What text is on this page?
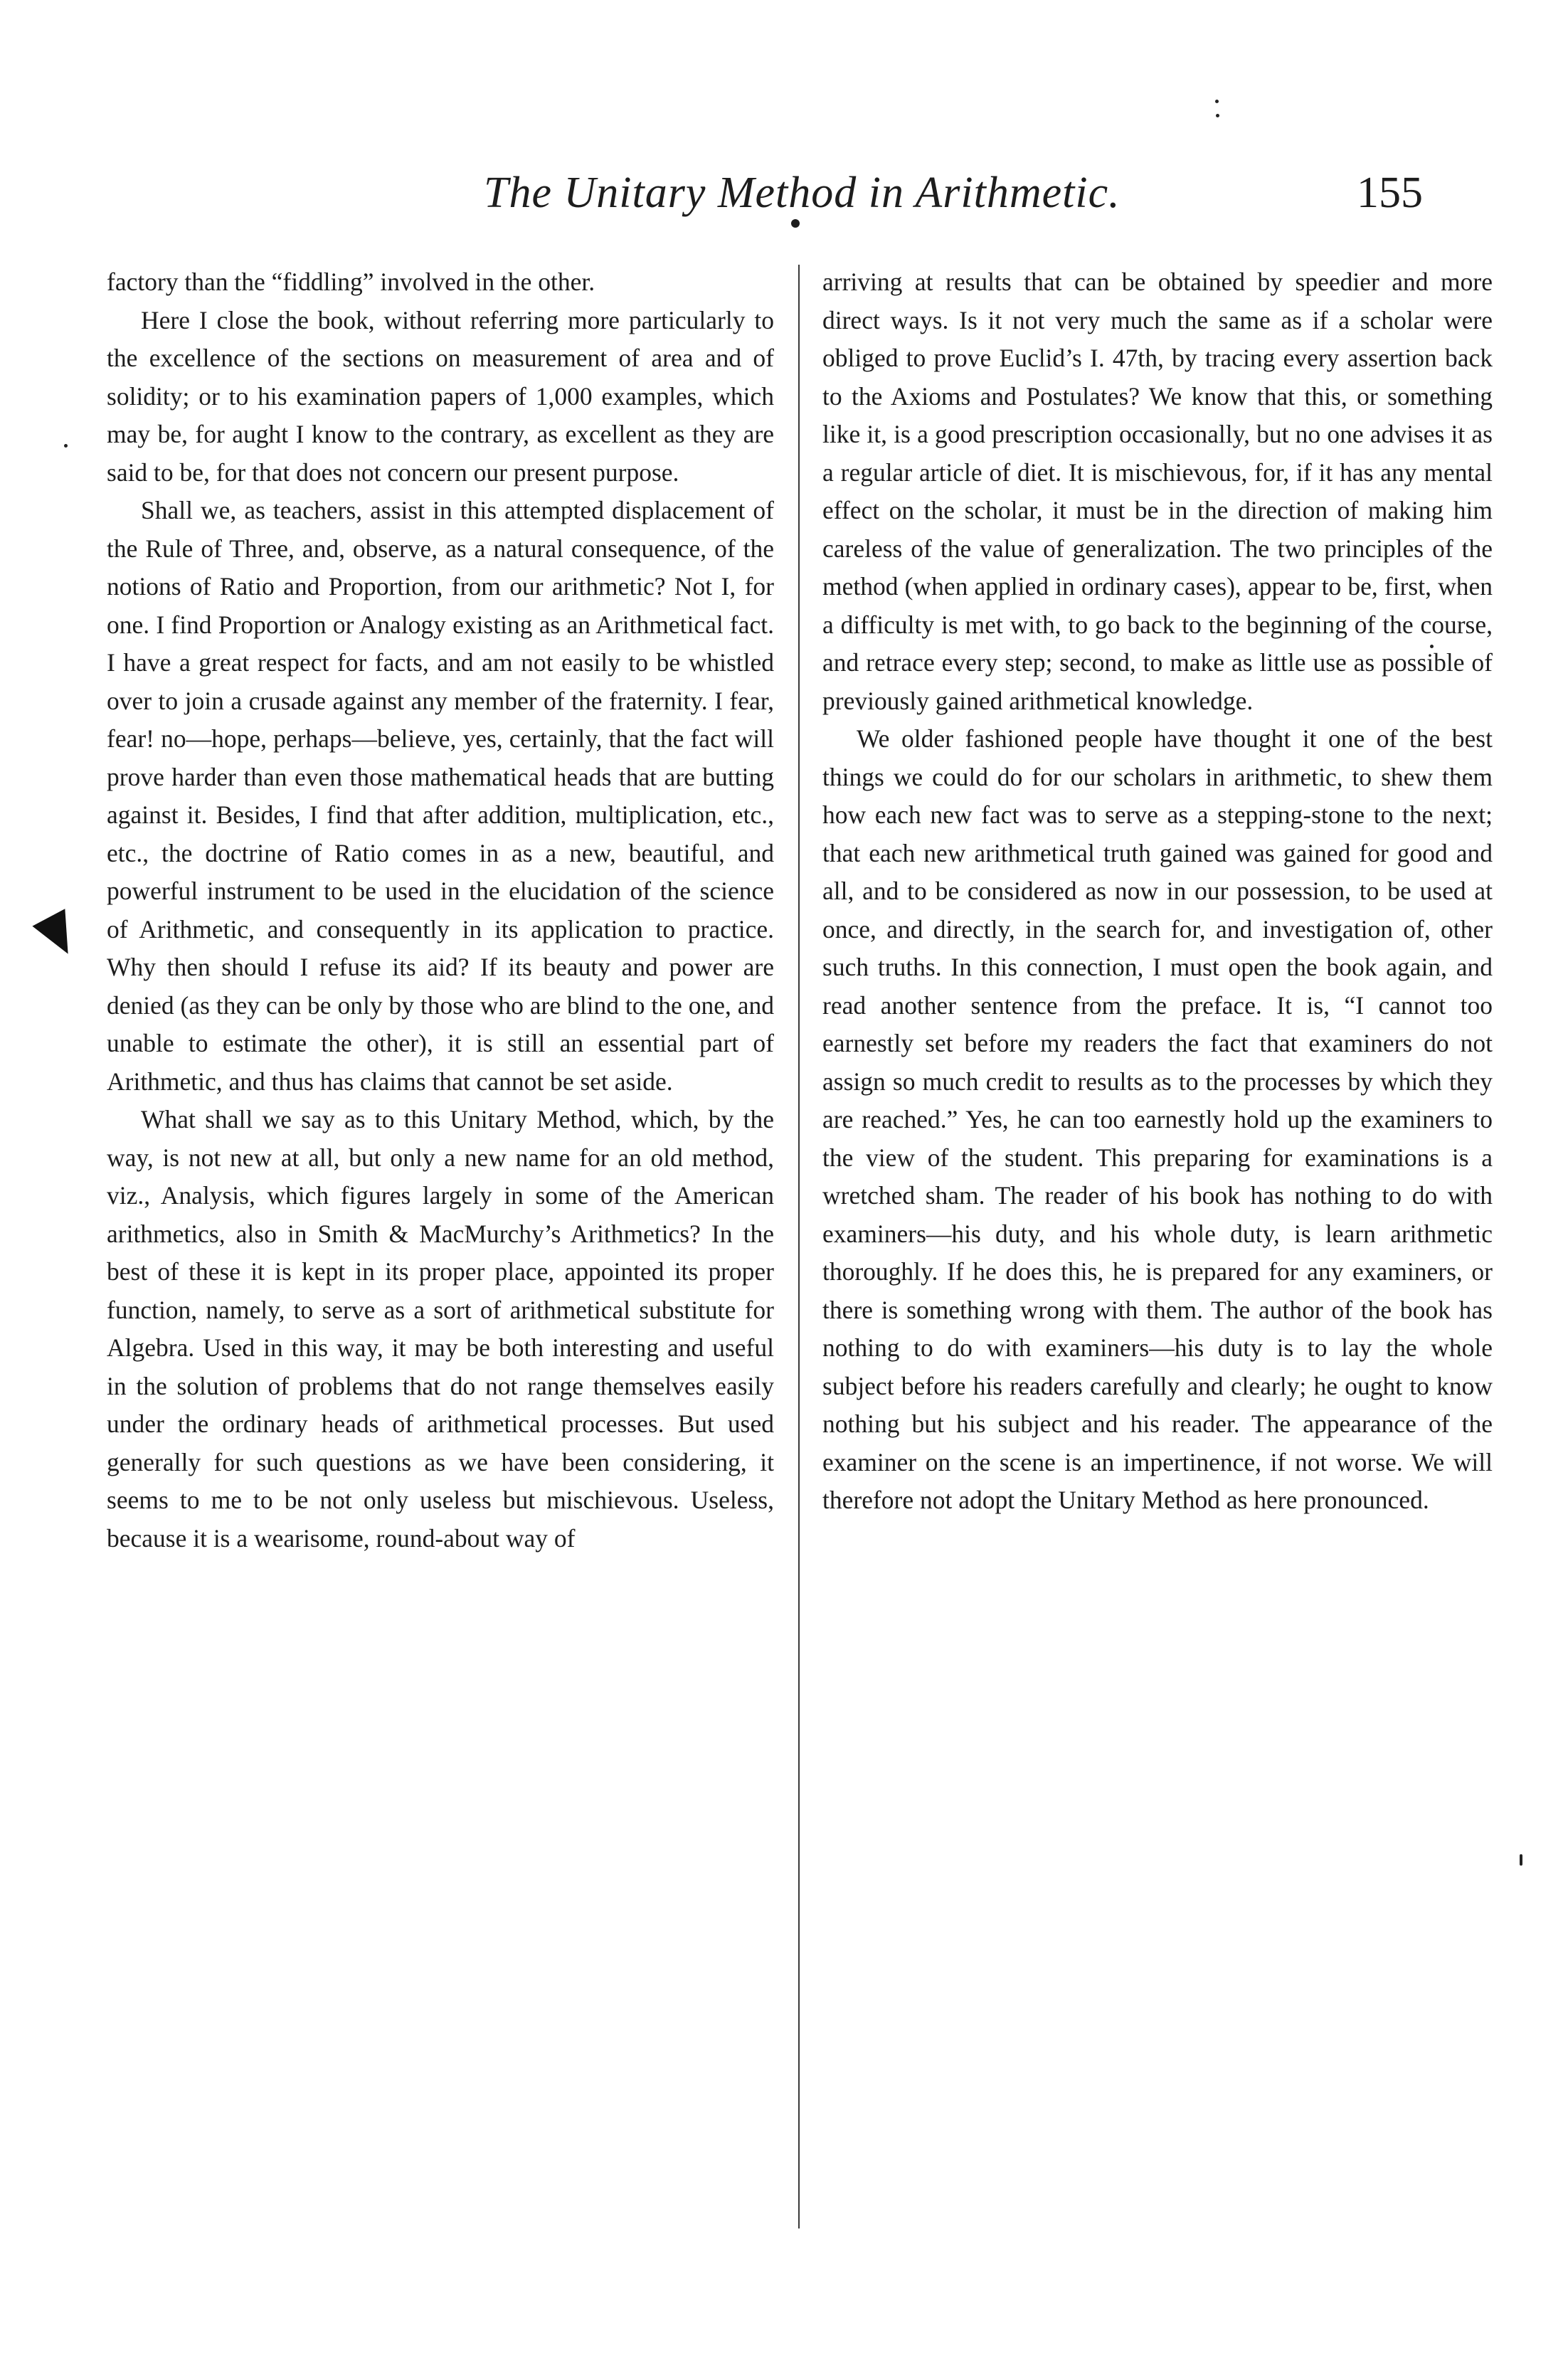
The Unitary Method in Arithmetic.	155

factory than the “fiddling” involved in the other.

Here I close the book, without referring more particularly to the excellence of the sections on measurement of area and of solidity; or to his examination papers of 1,000 examples, which may be, for aught I know to the contrary, as excellent as they are said to be, for that does not concern our present purpose.

Shall we, as teachers, assist in this attempted displacement of the Rule of Three, and, observe, as a natural consequence, of the notions of Ratio and Proportion, from our arithmetic? Not I, for one. I find Proportion or Analogy existing as an Arithmetical fact. I have a great respect for facts, and am not easily to be whistled over to join a crusade against any member of the fraternity. I fear, fear! no—hope, perhaps—believe, yes, certainly, that the fact will prove harder than even those mathematical heads that are butting against it. Besides, I find that after addition, multiplication, etc., etc., the doctrine of Ratio comes in as a new, beautiful, and powerful instrument to be used in the elucidation of the science of Arithmetic, and consequently in its application to practice. Why then should I refuse its aid? If its beauty and power are denied (as they can be only by those who are blind to the one, and unable to estimate the other), it is still an essential part of Arithmetic, and thus has claims that cannot be set aside.

What shall we say as to this Unitary Method, which, by the way, is not new at all, but only a new name for an old method, viz., Analysis, which figures largely in some of the American arithmetics, also in Smith & MacMurchy’s Arithmetics? In the best of these it is kept in its proper place, appointed its proper function, namely, to serve as a sort of arithmetical substitute for Algebra. Used in this way, it may be both interesting and useful in the solution of problems that do not range themselves easily under the ordinary heads of arithmetical processes. But used generally for such questions as we have been considering, it seems to me to be not only useless but mischievous. Useless, because it is a wearisome, round-about way of

arriving at results that can be obtained by speedier and more direct ways. Is it not very much the same as if a scholar were obliged to prove Euclid’s I. 47th, by tracing every assertion back to the Axioms and Postulates? We know that this, or something like it, is a good prescription occasionally, but no one advises it as a regular article of diet. It is mischievous, for, if it has any mental effect on the scholar, it must be in the direction of making him careless of the value of generalization. The two principles of the method (when applied in ordinary cases), appear to be, first, when a difficulty is met with, to go back to the beginning of the course, and retrace every step; second, to make as little use as possible of previously gained arithmetical knowledge.

We older fashioned people have thought it one of the best things we could do for our scholars in arithmetic, to shew them how each new fact was to serve as a stepping-stone to the next; that each new arithmetical truth gained was gained for good and all, and to be considered as now in our possession, to be used at once, and directly, in the search for, and investigation of, other such truths. In this connection, I must open the book again, and read another sentence from the preface. It is, “I cannot too earnestly set before my readers the fact that examiners do not assign so much credit to results as to the processes by which they are reached.” Yes, he can too earnestly hold up the examiners to the view of the student. This preparing for examinations is a wretched sham. The reader of his book has nothing to do with examiners—his duty, and his whole duty, is learn arithmetic thoroughly. If he does this, he is prepared for any examiners, or there is something wrong with them. The author of the book has nothing to do with examiners—his duty is to lay the whole subject before his readers carefully and clearly; he ought to know nothing but his subject and his reader. The appearance of the examiner on the scene is an impertinence, if not worse. We will therefore not adopt the Unitary Method as here pronounced.
